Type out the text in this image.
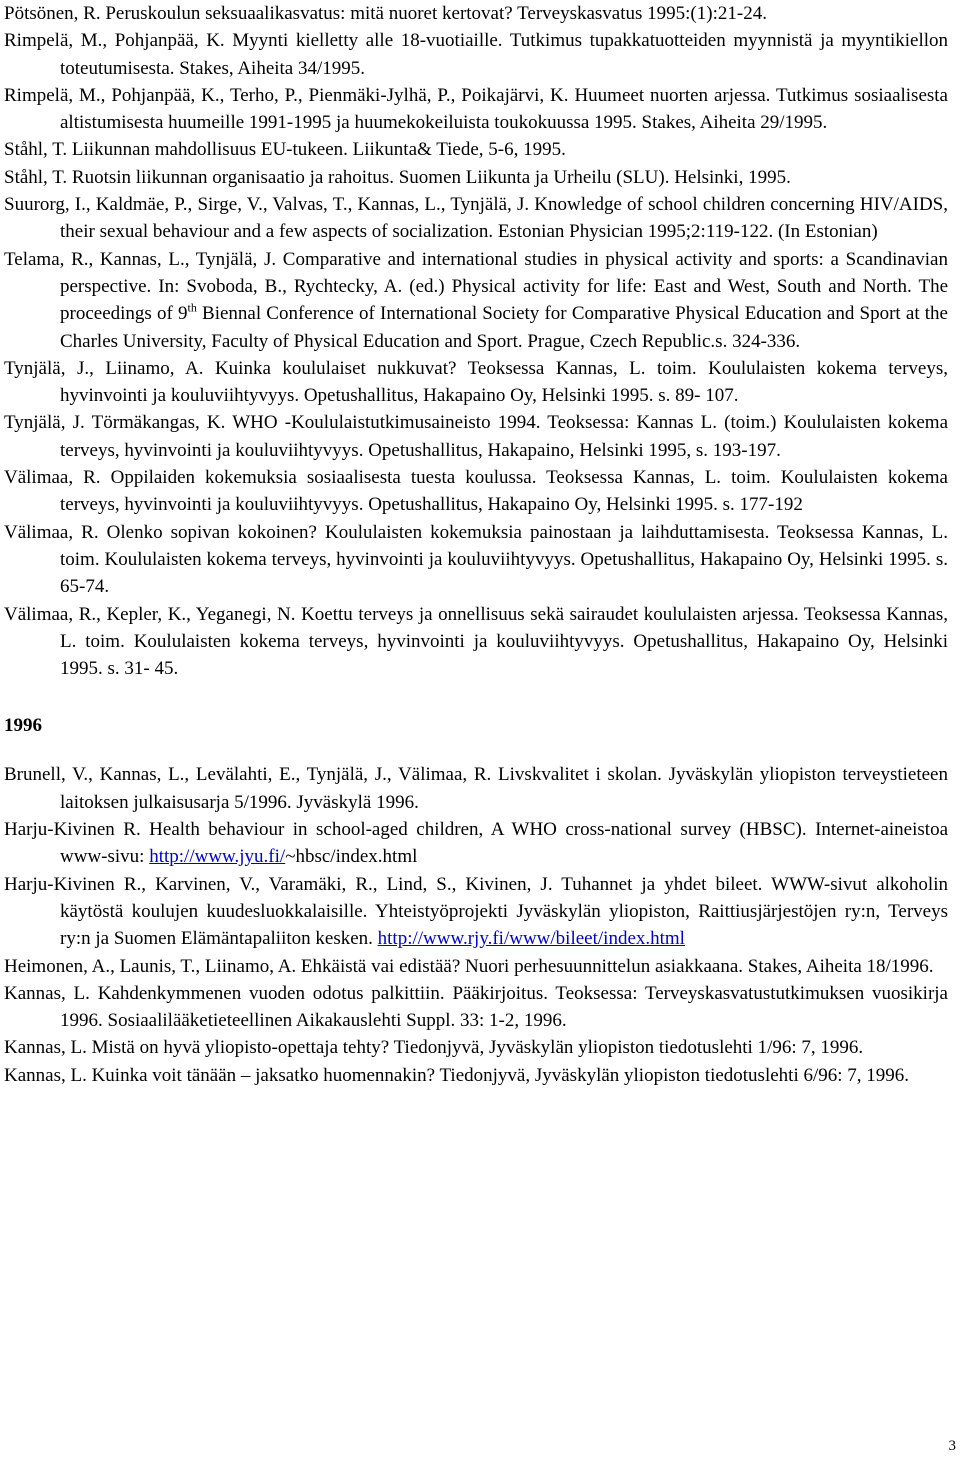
Pötsönen, R. Peruskoulun seksuaalikasvatus: mitä nuoret kertovat? Terveyskasvatus 1995:(1):21-24.

Rimpelä, M., Pohjanpää, K. Myynti kielletty alle 18-vuotiaille. Tutkimus tupakkatuotteiden myynnistä ja myyntikiellon toteutumisesta. Stakes, Aiheita 34/1995.

Rimpelä, M., Pohjanpää, K., Terho, P., Pienmäki-Jylhä, P., Poikajärvi, K. Huumeet nuorten arjessa. Tutkimus sosiaalisesta altistumisesta huumeille 1991-1995 ja huumekokeiluista toukokuussa 1995. Stakes, Aiheita 29/1995.

Ståhl, T. Liikunnan mahdollisuus EU-tukeen. Liikunta& Tiede, 5-6, 1995.

Ståhl, T. Ruotsin liikunnan organisaatio ja rahoitus. Suomen Liikunta ja Urheilu (SLU). Helsinki, 1995.

Suurorg, I., Kaldmäe, P., Sirge, V., Valvas, T., Kannas, L., Tynjälä, J. Knowledge of school children concerning HIV/AIDS, their sexual behaviour and a few aspects of socialization. Estonian Physician 1995;2:119-122. (In Estonian)

Telama, R., Kannas, L., Tynjälä, J. Comparative and international studies in physical activity and sports: a Scandinavian perspective. In: Svoboda, B., Rychtecky, A. (ed.) Physical activity for life: East and West, South and North. The proceedings of 9th Biennal Conference of International Society for Comparative Physical Education and Sport at the Charles University, Faculty of Physical Education and Sport. Prague, Czech Republic.s. 324-336.

Tynjälä, J., Liinamo, A. Kuinka koululaiset nukkuvat? Teoksessa Kannas, L. toim. Koululaisten kokema terveys, hyvinvointi ja kouluviihtyvyys. Opetushallitus, Hakapaino Oy, Helsinki 1995. s. 89- 107.

Tynjälä, J. Törmäkangas, K. WHO -Koululaistutkimusaineisto 1994. Teoksessa: Kannas L. (toim.) Koululaisten kokema terveys, hyvinvointi ja kouluviihtyvyys. Opetushallitus, Hakapaino, Helsinki 1995, s. 193-197.

Välimaa, R. Oppilaiden kokemuksia sosiaalisesta tuesta koulussa. Teoksessa Kannas, L. toim. Koululaisten kokema terveys, hyvinvointi ja kouluviihtyvyys. Opetushallitus, Hakapaino Oy, Helsinki 1995. s. 177-192

Välimaa, R. Olenko sopivan kokoinen? Koululaisten kokemuksia painostaan ja laihduttamisesta. Teoksessa Kannas, L. toim. Koululaisten kokema terveys, hyvinvointi ja kouluviihtyvyys. Opetushallitus, Hakapaino Oy, Helsinki 1995. s. 65-74.

Välimaa, R., Kepler, K., Yeganegi, N. Koettu terveys ja onnellisuus sekä sairaudet koululaisten arjessa. Teoksessa Kannas, L. toim. Koululaisten kokema terveys, hyvinvointi ja kouluviihtyvyys. Opetushallitus, Hakapaino Oy, Helsinki 1995. s. 31- 45.

1996

Brunell, V., Kannas, L., Levälahti, E., Tynjälä, J., Välimaa, R. Livskvalitet i skolan. Jyväskylän yliopiston terveystieteen laitoksen julkaisusarja 5/1996. Jyväskylä 1996.

Harju-Kivinen R. Health behaviour in school-aged children, A WHO cross-national survey (HBSC). Internet-aineistoa www-sivu: http://www.jyu.fi/~hbsc/index.html

Harju-Kivinen R., Karvinen, V., Varamäki, R., Lind, S., Kivinen, J. Tuhannet ja yhdet bileet. WWW-sivut alkoholin käytöstä koulujen kuudesluokkalaisille. Yhteistyöprojekti Jyväskylän yliopiston, Raittiusjärjestöjen ry:n, Terveys ry:n ja Suomen Elämäntapaliiton kesken. http://www.rjy.fi/www/bileet/index.html

Heimonen, A., Launis, T., Liinamo, A. Ehkäistä vai edistää? Nuori perhesuunnittelun asiakkaana. Stakes, Aiheita 18/1996.

Kannas, L. Kahdenkymmenen vuoden odotus palkittiin. Pääkirjoitus. Teoksessa: Terveyskasvatustutkimuksen vuosikirja 1996. Sosiaalilääketieteellinen Aikakauslehti Suppl. 33: 1-2, 1996.

Kannas, L. Mistä on hyvä yliopisto-opettaja tehty? Tiedonjyvä, Jyväskylän yliopiston tiedotuslehti 1/96: 7, 1996.

Kannas, L. Kuinka voit tänään – jaksatko huomennakin? Tiedonjyvä, Jyväskylän yliopiston tiedotuslehti 6/96: 7, 1996.

3
